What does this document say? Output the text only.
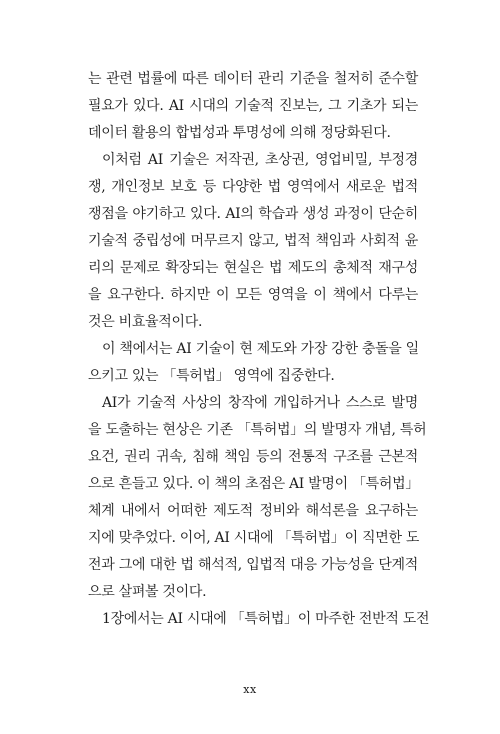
는 관련 법률에 따른 데이터 관리 기준을 철저히 준수할
필요가 있다. AI 시대의 기술적 진보는, 그 기초가 되는
데이터 활용의 합법성과 투명성에 의해 정당화된다.
이처럼 AI 기술은 저작권, 초상권, 영업비밀, 부정경
쟁, 개인정보 보호 등 다양한 법 영역에서 새로운 법적
쟁점을 야기하고 있다. AI의 학습과 생성 과정이 단순히
기술적 중립성에 머무르지 않고, 법적 책임과 사회적 윤
리의 문제로 확장되는 현실은 법 제도의 총체적 재구성
을 요구한다. 하지만 이 모든 영역을 이 책에서 다루는
것은 비효율적이다.
이 책에서는 AI 기술이 현 제도와 가장 강한 충돌을 일
으키고 있는 「특허법」 영역에 집중한다.
AI가 기술적 사상의 창작에 개입하거나 스스로 발명
을 도출하는 현상은 기존 「특허법」의 발명자 개념, 특허
요건, 권리 귀속, 침해 책임 등의 전통적 구조를 근본적
으로 흔들고 있다. 이 책의 초점은 AI 발명이 「특허법」
체계 내에서 어떠한 제도적 정비와 해석론을 요구하는
지에 맞추었다. 이어, AI 시대에 「특허법」이 직면한 도
전과 그에 대한 법 해석적, 입법적 대응 가능성을 단계적
으로 살펴볼 것이다.
1장에서는 AI 시대에 「특허법」이 마주한 전반적 도전
xx
